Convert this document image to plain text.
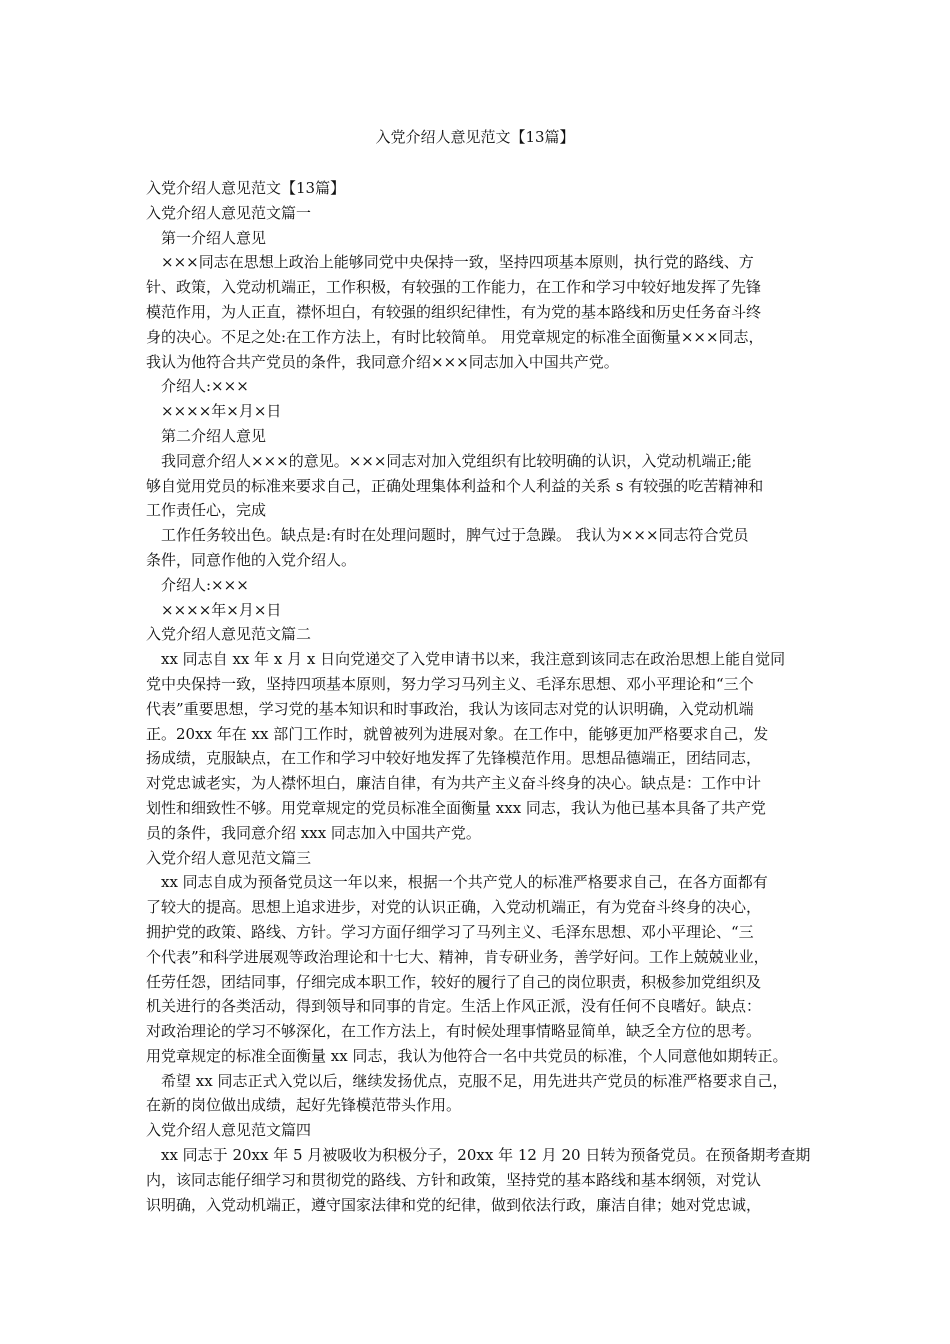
入党介绍人意见范文【13篇】

入党介绍人意见范文【13篇】

入党介绍人意见范文篇一

第一介绍人意见

×××同志在思想上政治上能够同党中央保持一致，坚持四项基本原则，执行党的路线、方

针、政策，入党动机端正，工作积极，有较强的工作能力，在工作和学习中较好地发挥了先锋

模范作用，为人正直，襟怀坦白，有较强的组织纪律性，有为党的基本路线和历史任务奋斗终

身的决心。不足之处:在工作方法上，有时比较简单。 用党章规定的标准全面衡量×××同志，

我认为他符合共产党员的条件，我同意介绍×××同志加入中国共产党。

介绍人:×××

××××年×月×日

第二介绍人意见

我同意介绍人×××的意见。×××同志对加入党组织有比较明确的认识，入党动机端正;能

够自觉用党员的标准来要求自己，正确处理集体利益和个人利益的关系 s 有较强的吃苦精神和

工作责任心，完成

工作任务较出色。缺点是:有时在处理问题时，脾气过于急躁。 我认为×××同志符合党员

条件，同意作他的入党介绍人。

介绍人:×××

××××年×月×日

入党介绍人意见范文篇二

xx 同志自 xx 年 x 月 x 日向党递交了入党申请书以来，我注意到该同志在政治思想上能自觉同

党中央保持一致，坚持四项基本原则，努力学习马列主义、毛泽东思想、邓小平理论和“三个

代表”重要思想，学习党的基本知识和时事政治，我认为该同志对党的认识明确，入党动机端

正。20xx 年在 xx 部门工作时，就曾被列为进展对象。在工作中，能够更加严格要求自己，发

扬成绩，克服缺点，在工作和学习中较好地发挥了先锋模范作用。思想品德端正，团结同志，

对党忠诚老实，为人襟怀坦白，廉洁自律，有为共产主义奋斗终身的决心。缺点是：工作中计

划性和细致性不够。用党章规定的党员标准全面衡量 xxx 同志，我认为他已基本具备了共产党

员的条件，我同意介绍 xxx 同志加入中国共产党。

入党介绍人意见范文篇三

xx 同志自成为预备党员这一年以来，根据一个共产党人的标准严格要求自己，在各方面都有

了较大的提高。思想上追求进步，对党的认识正确，入党动机端正，有为党奋斗终身的决心，

拥护党的政策、路线、方针。学习方面仔细学习了马列主义、毛泽东思想、邓小平理论、“三

个代表”和科学进展观等政治理论和十七大、精神，肯专研业务，善学好问。工作上兢兢业业，

任劳任怨，团结同事，仔细完成本职工作，较好的履行了自己的岗位职责，积极参加党组织及

机关进行的各类活动，得到领导和同事的肯定。生活上作风正派，没有任何不良嗜好。缺点：

对政治理论的学习不够深化，在工作方法上，有时候处理事情略显简单，缺乏全方位的思考。

用党章规定的标准全面衡量 xx 同志，我认为他符合一名中共党员的标准，个人同意他如期转正。

希望 xx 同志正式入党以后，继续发扬优点，克服不足，用先进共产党员的标准严格要求自己，

在新的岗位做出成绩，起好先锋模范带头作用。

入党介绍人意见范文篇四

xx 同志于 20xx 年 5 月被吸收为积极分子，20xx 年 12 月 20 日转为预备党员。在预备期考查期

内，该同志能仔细学习和贯彻党的路线、方针和政策，坚持党的基本路线和基本纲领，对党认

识明确，入党动机端正，遵守国家法律和党的纪律，做到依法行政，廉洁自律；她对党忠诚，
